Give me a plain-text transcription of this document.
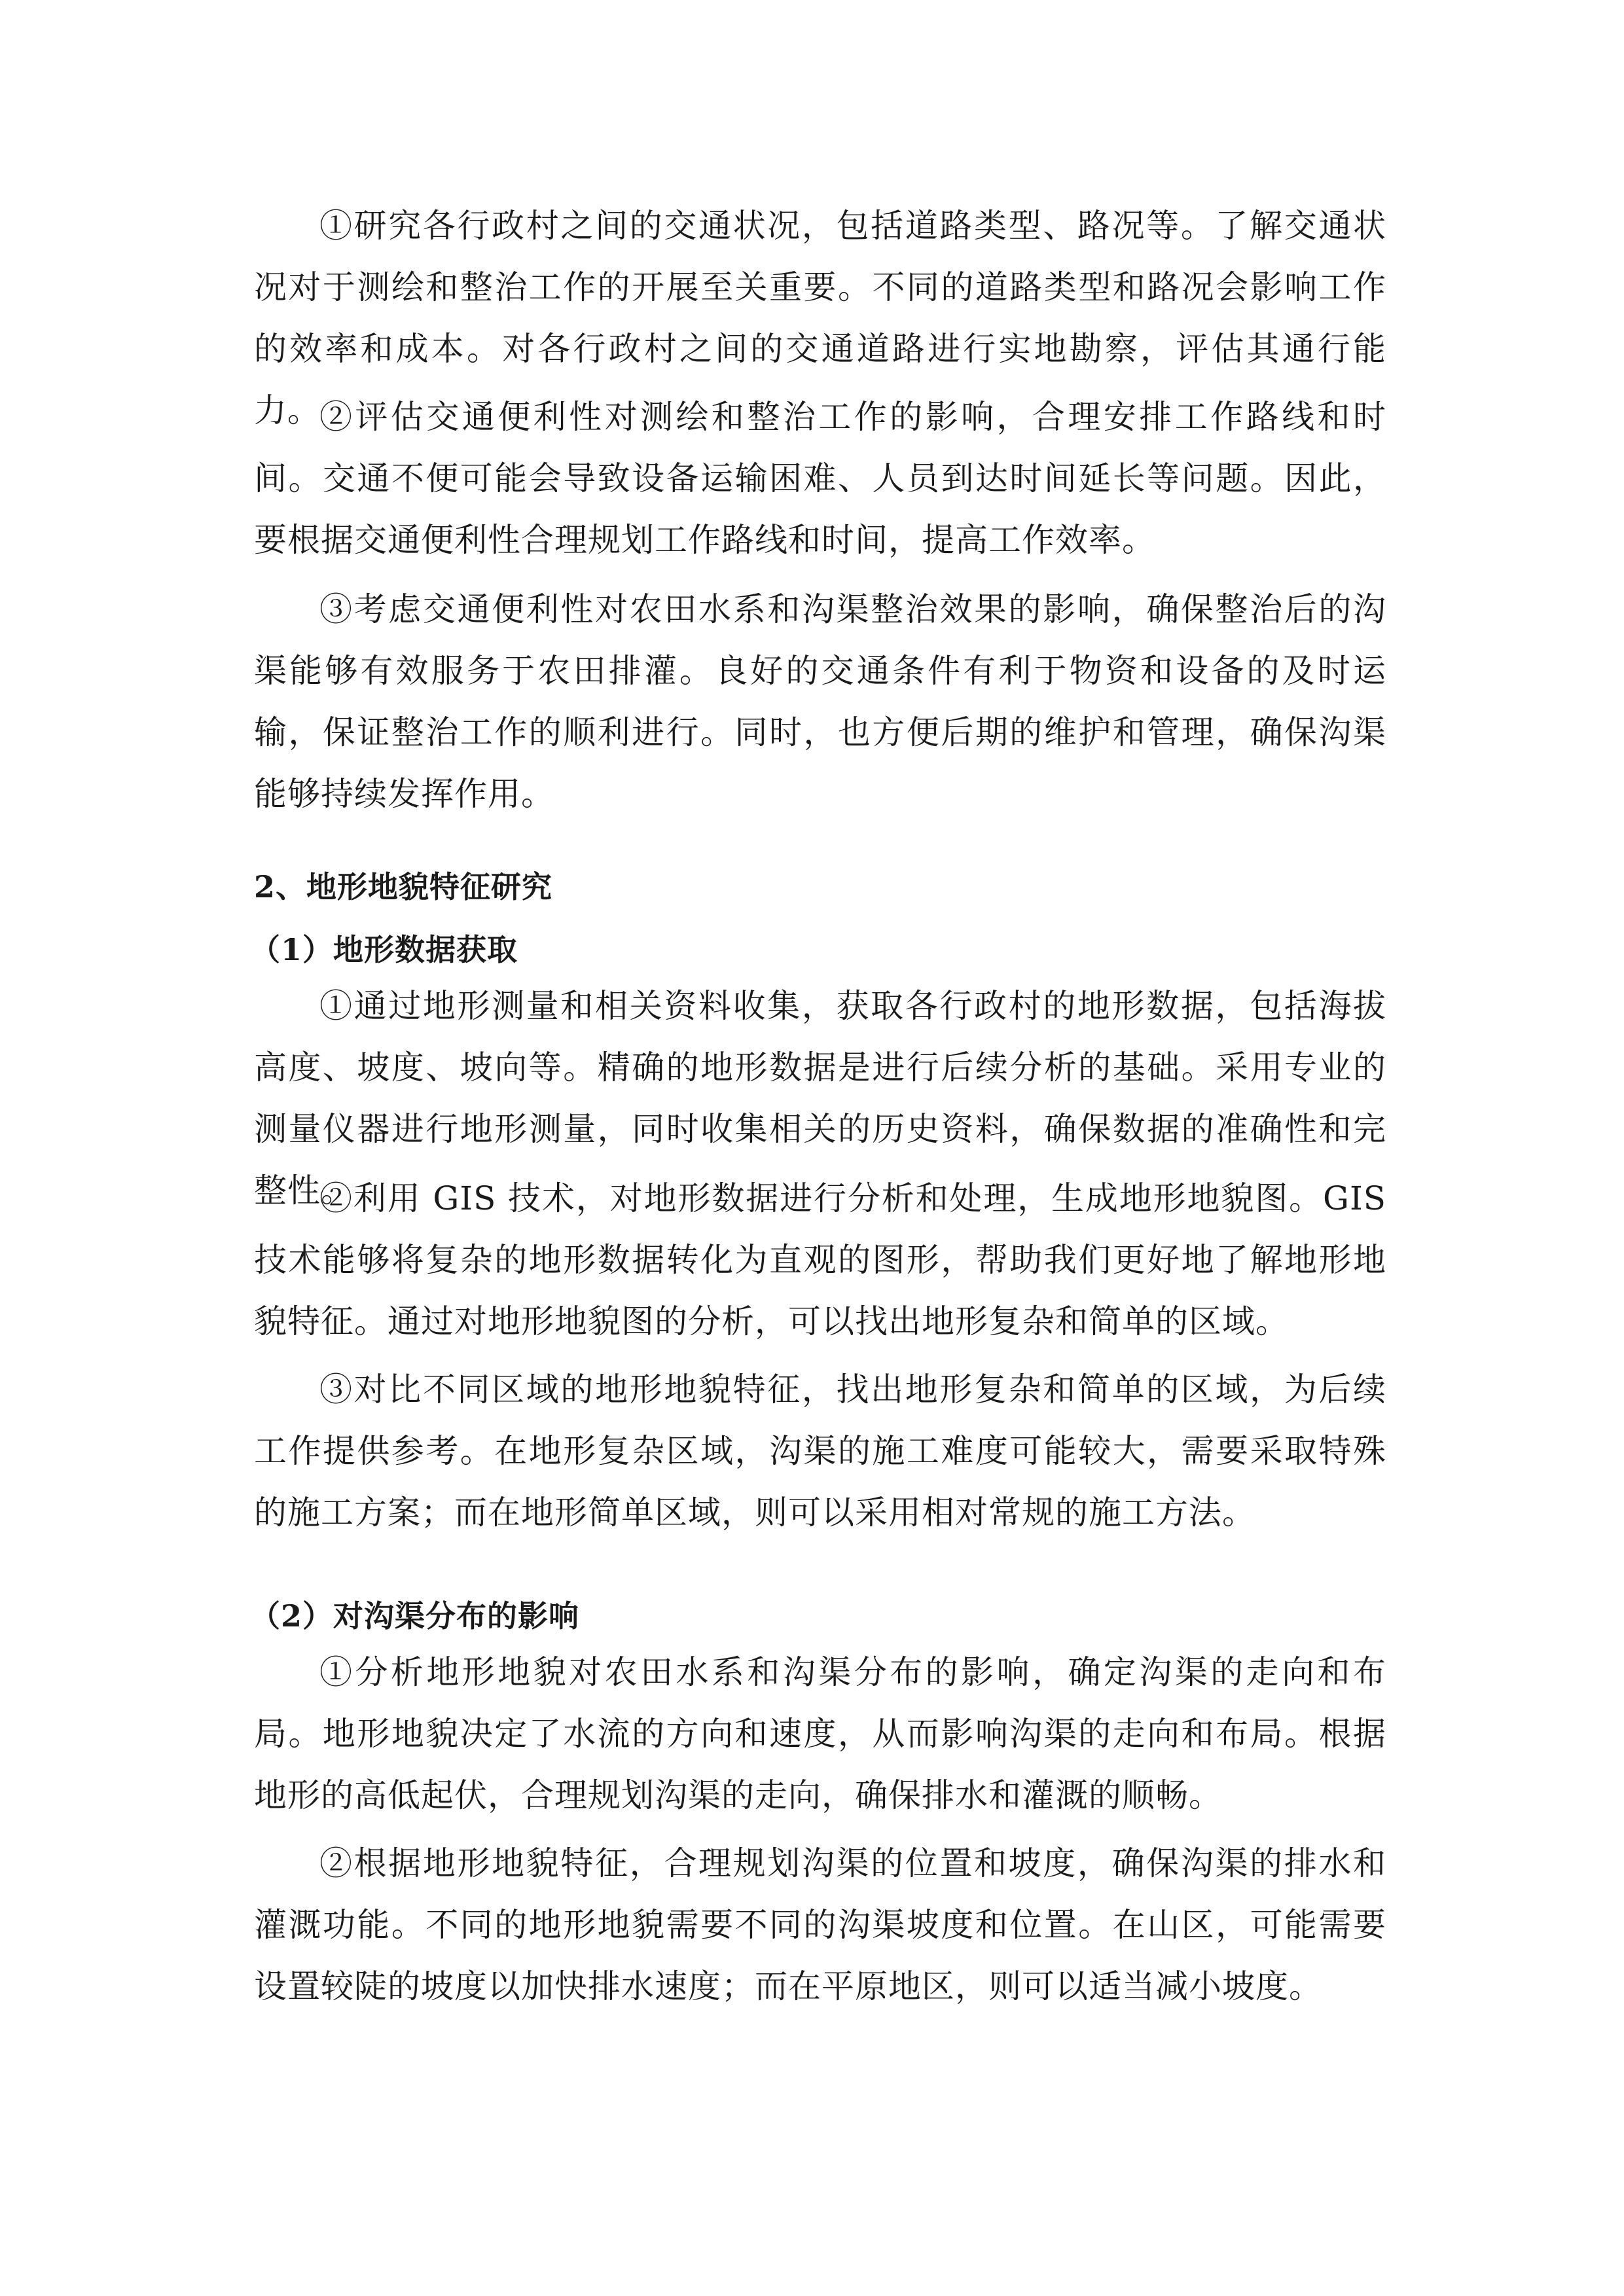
①研究各行政村之间的交通状况，包括道路类型、路况等。了解交通状况对于测绘和整治工作的开展至关重要。不同的道路类型和路况会影响工作的效率和成本。对各行政村之间的交通道路进行实地勘察，评估其通行能力。

②评估交通便利性对测绘和整治工作的影响，合理安排工作路线和时间。交通不便可能会导致设备运输困难、人员到达时间延长等问题。因此，要根据交通便利性合理规划工作路线和时间，提高工作效率。

③考虑交通便利性对农田水系和沟渠整治效果的影响，确保整治后的沟渠能够有效服务于农田排灌。良好的交通条件有利于物资和设备的及时运输，保证整治工作的顺利进行。同时，也方便后期的维护和管理，确保沟渠能够持续发挥作用。

2、地形地貌特征研究
（1）地形数据获取

①通过地形测量和相关资料收集，获取各行政村的地形数据，包括海拔高度、坡度、坡向等。精确的地形数据是进行后续分析的基础。采用专业的测量仪器进行地形测量，同时收集相关的历史资料，确保数据的准确性和完整性。

②利用 GIS 技术，对地形数据进行分析和处理，生成地形地貌图。GIS 技术能够将复杂的地形数据转化为直观的图形，帮助我们更好地了解地形地貌特征。通过对地形地貌图的分析，可以找出地形复杂和简单的区域。

③对比不同区域的地形地貌特征，找出地形复杂和简单的区域，为后续工作提供参考。在地形复杂区域，沟渠的施工难度可能较大，需要采取特殊的施工方案；而在地形简单区域，则可以采用相对常规的施工方法。

（2）对沟渠分布的影响

①分析地形地貌对农田水系和沟渠分布的影响，确定沟渠的走向和布局。地形地貌决定了水流的方向和速度，从而影响沟渠的走向和布局。根据地形的高低起伏，合理规划沟渠的走向，确保排水和灌溉的顺畅。

②根据地形地貌特征，合理规划沟渠的位置和坡度，确保沟渠的排水和灌溉功能。不同的地形地貌需要不同的沟渠坡度和位置。在山区，可能需要设置较陡的坡度以加快排水速度；而在平原地区，则可以适当减小坡度。
